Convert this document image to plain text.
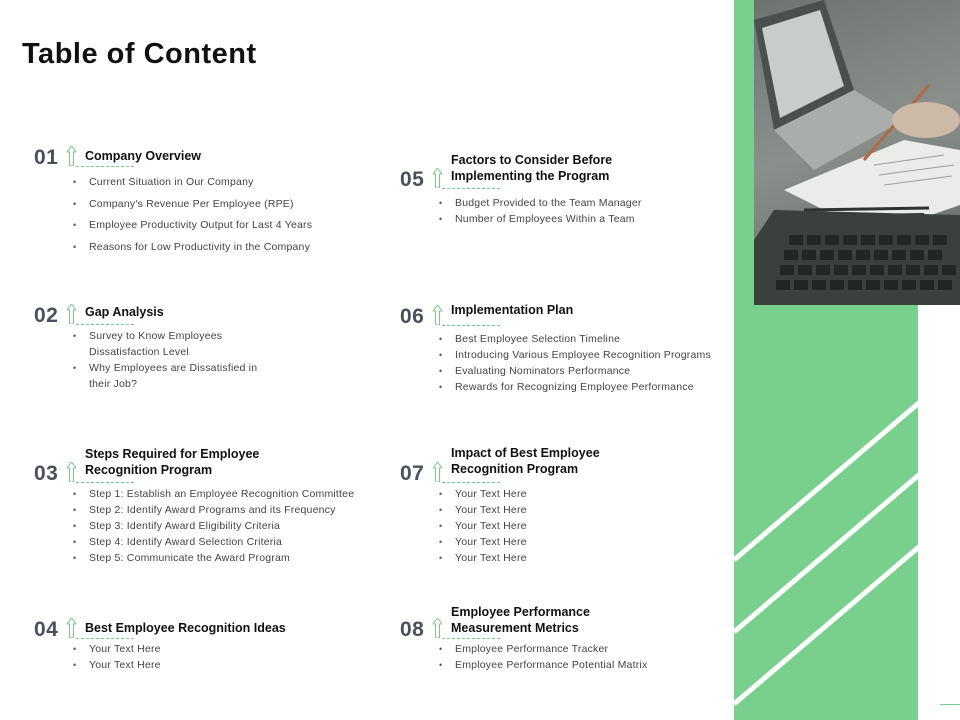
Table of Content
01 Company Overview
• Current Situation in Our Company
• Company's Revenue Per Employee (RPE)
• Employee Productivity Output for Last 4 Years
• Reasons for Low Productivity in the Company
02 Gap Analysis
• Survey to Know Employees Dissatisfaction Level
• Why Employees are Dissatisfied in their Job?
03
Steps Required for Employee Recognition Program
• Step 1: Establish an Employee Recognition Committee
• Step 2: Identify Award Programs and its Frequency
• Step 3: Identify Award Eligibility Criteria
• Step 4: Identify Award Selection Criteria
• Step 5: Communicate the Award Program
04 Best Employee Recognition Ideas
• Your Text Here
• Your Text Here
05
Factors to Consider Before Implementing the Program
• Budget Provided to the Team Manager
• Number of Employees Within a Team
06 Implementation Plan
• Best Employee Selection Timeline
• Introducing Various Employee Recognition Programs
• Evaluating Nominators Performance
• Rewards for Recognizing Employee Performance
07
Impact of Best Employee Recognition Program
• Your Text Here
• Your Text Here
• Your Text Here
• Your Text Here
• Your Text Here
08
Employee Performance Measurement Metrics
• Employee Performance Tracker
• Employee Performance Potential Matrix
